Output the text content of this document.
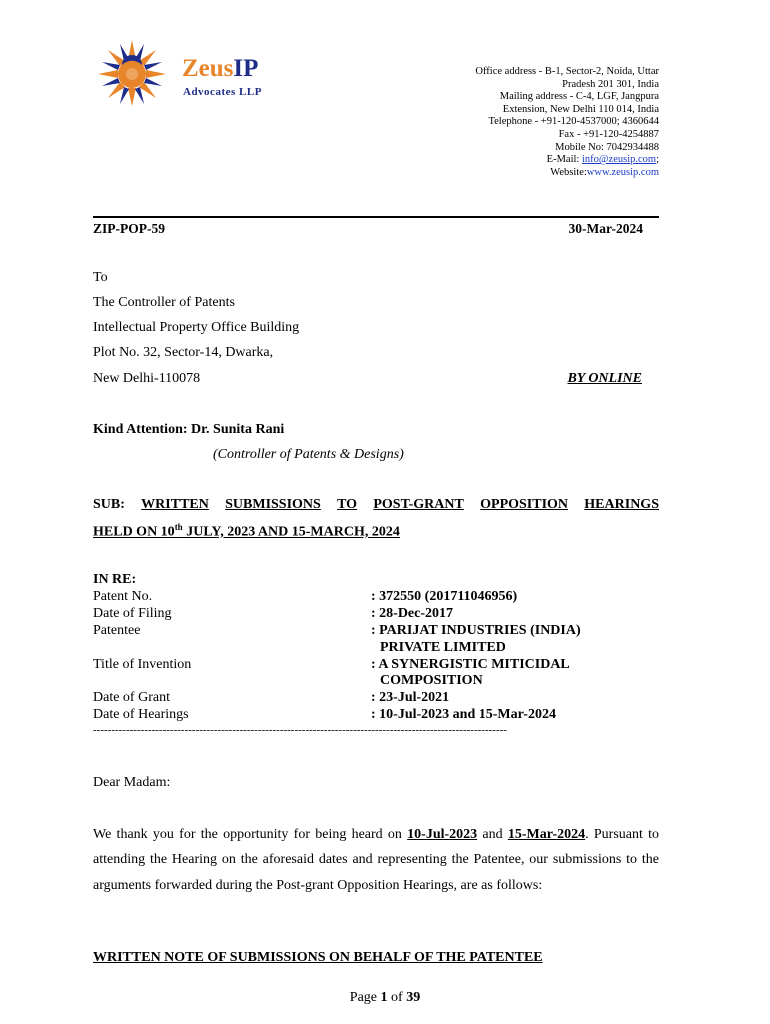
ZeusIP
Advocates LLP
Office address - B-1, Sector-2, Noida, Uttar
Pradesh 201 301, India
Mailing address - C-4, LGF, Jangpura
Extension, New Delhi 110 014, India
Telephone - +91-120-4537000; 4360644
Fax - +91-120-4254887
Mobile No: 7042934488
E-Mail: info@zeusip.com;
Website:www.zeusip.com
ZIP-POP-59	30-Mar-2024
To
The Controller of Patents
Intellectual Property Office Building
Plot No. 32, Sector-14, Dwarka,
New Delhi-110078	BY ONLINE
Kind Attention: Dr. Sunita Rani
(Controller of Patents & Designs)
SUB: WRITTEN SUBMISSIONS TO POST-GRANT OPPOSITION HEARINGS
HELD ON 10th JULY, 2023 AND 15-MARCH, 2024
IN RE:
Patent No.	: 372550 (201711046956)
Date of Filing	: 28-Dec-2017
Patentee	: PARIJAT INDUSTRIES (INDIA)
PRIVATE LIMITED
Title of Invention	: A SYNERGISTIC MITICIDAL
COMPOSITION
Date of Grant	: 23-Jul-2021
Date of Hearings	: 10-Jul-2023 and 15-Mar-2024
-----------------------------------------------------------------------------------------------------------------
Dear Madam:
We thank you for the opportunity for being heard on 10-Jul-2023 and 15-Mar-2024. Pursuant to attending the Hearing on the aforesaid dates and representing the Patentee, our submissions to the arguments forwarded during the Post-grant Opposition Hearings, are as follows:
WRITTEN NOTE OF SUBMISSIONS ON BEHALF OF THE PATENTEE
Page 1 of 39
